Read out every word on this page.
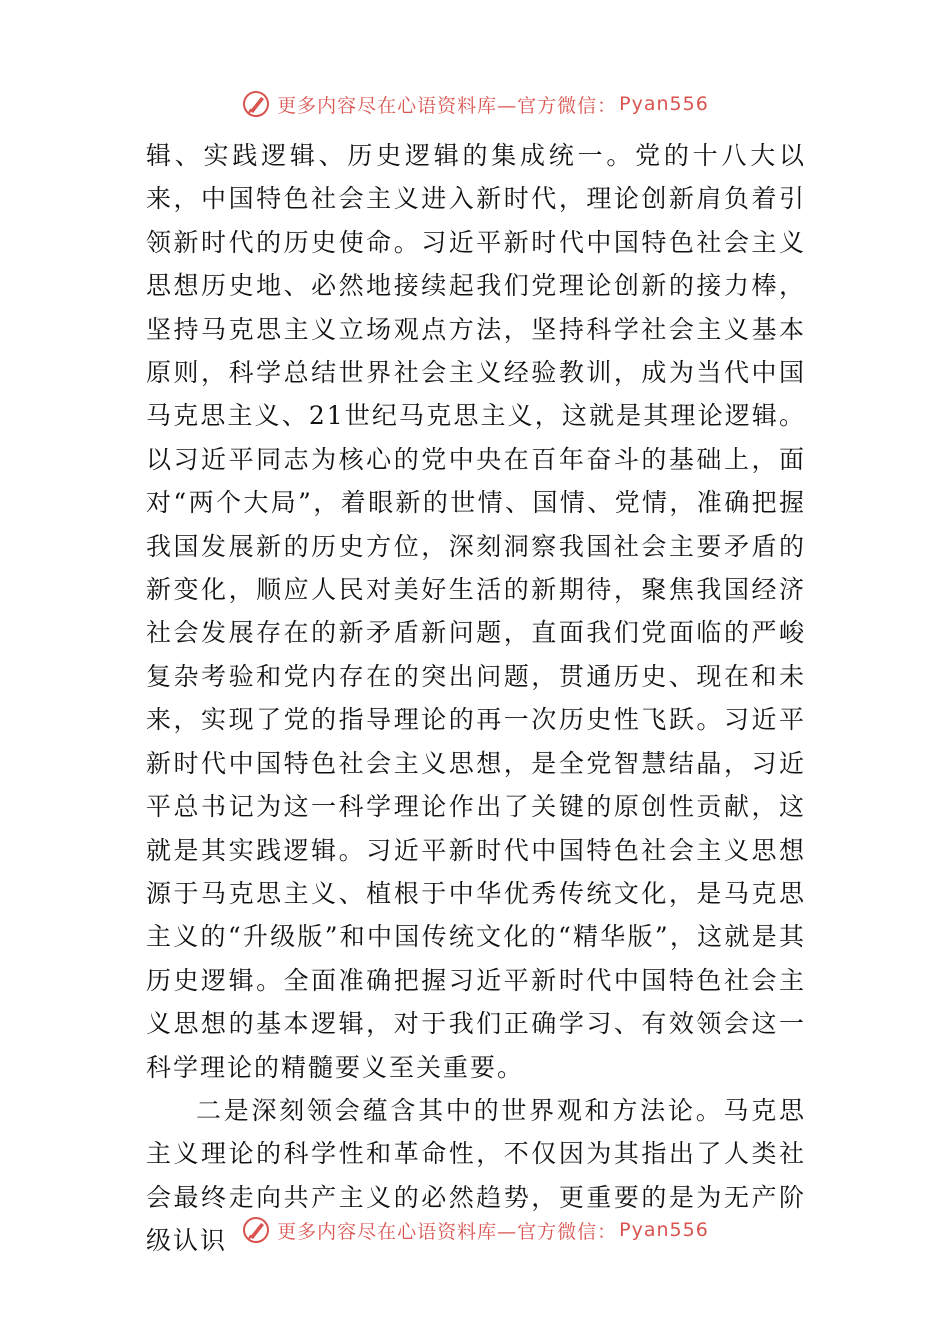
更多内容尽在心语资料库—官方微信： Pyan556

辑、实践逻辑、历史逻辑的集成统一。党的十八大以来，中国特色社会主义进入新时代，理论创新肩负着引领新时代的历史使命。习近平新时代中国特色社会主义思想历史地、必然地接续起我们党理论创新的接力棒，坚持马克思主义立场观点方法，坚持科学社会主义基本原则，科学总结世界社会主义经验教训，成为当代中国马克思主义、21世纪马克思主义，这就是其理论逻辑。以习近平同志为核心的党中央在百年奋斗的基础上，面对“两个大局”，着眼新的世情、国情、党情，准确把握我国发展新的历史方位，深刻洞察我国社会主要矛盾的新变化，顺应人民对美好生活的新期待，聚焦我国经济社会发展存在的新矛盾新问题，直面我们党面临的严峻复杂考验和党内存在的突出问题，贯通历史、现在和未来，实现了党的指导理论的再一次历史性飞跃。习近平新时代中国特色社会主义思想，是全党智慧结晶，习近平总书记为这一科学理论作出了关键的原创性贡献，这就是其实践逻辑。习近平新时代中国特色社会主义思想源于马克思主义、植根于中华优秀传统文化，是马克思主义的“升级版”和中国传统文化的“精华版”，这就是其历史逻辑。全面准确把握习近平新时代中国特色社会主义思想的基本逻辑，对于我们正确学习、有效领会这一科学理论的精髓要义至关重要。

二是深刻领会蕴含其中的世界观和方法论。马克思主义理论的科学性和革命性，不仅因为其指出了人类社会最终走向共产主义的必然趋势，更重要的是为无产阶级认识	更多内容尽在心语资料库—官方微信： Pyan556
